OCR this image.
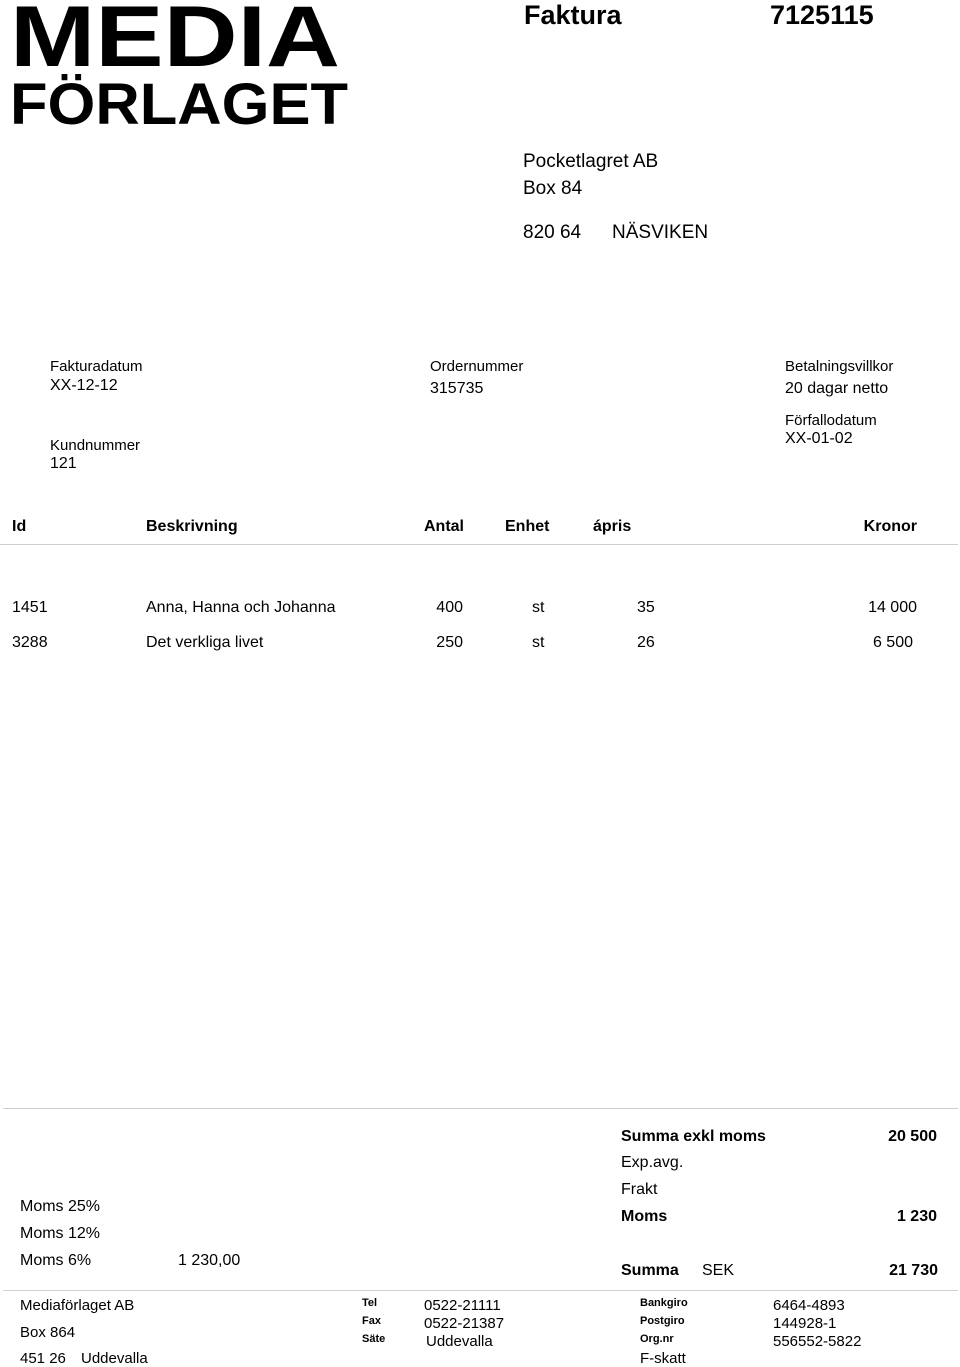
MEDIA
FÖRLAGET
Faktura	7125115
Pocketlagret AB
Box 84
820 64 NÄSVIKEN
Fakturadatum
XX-12-12
Ordernummer
315735
Betalningsvillkor
20 dagar netto
Förfallodatum
XX-01-02
Kundnummer
121
Id	Beskrivning	Antal	Enhet	ápris	Kronor
1451	Anna, Hanna och Johanna	400	st	35	14 000
3288	Det verkliga livet	250	st	26	6 500
Moms 25%
Moms 12%
Moms 6%	1 230,00
Summa exkl moms	20 500
Exp.avg.
Frakt
Moms	1 230
Summa SEK	21 730
Mediaförlaget AB
Box 864
451 26 Uddevalla
Tel	0522-21111
Fax	0522-21387
Säte	Uddevalla
Bankgiro	6464-4893
Postgiro	144928-1
Org.nr	556552-5822
F-skatt
